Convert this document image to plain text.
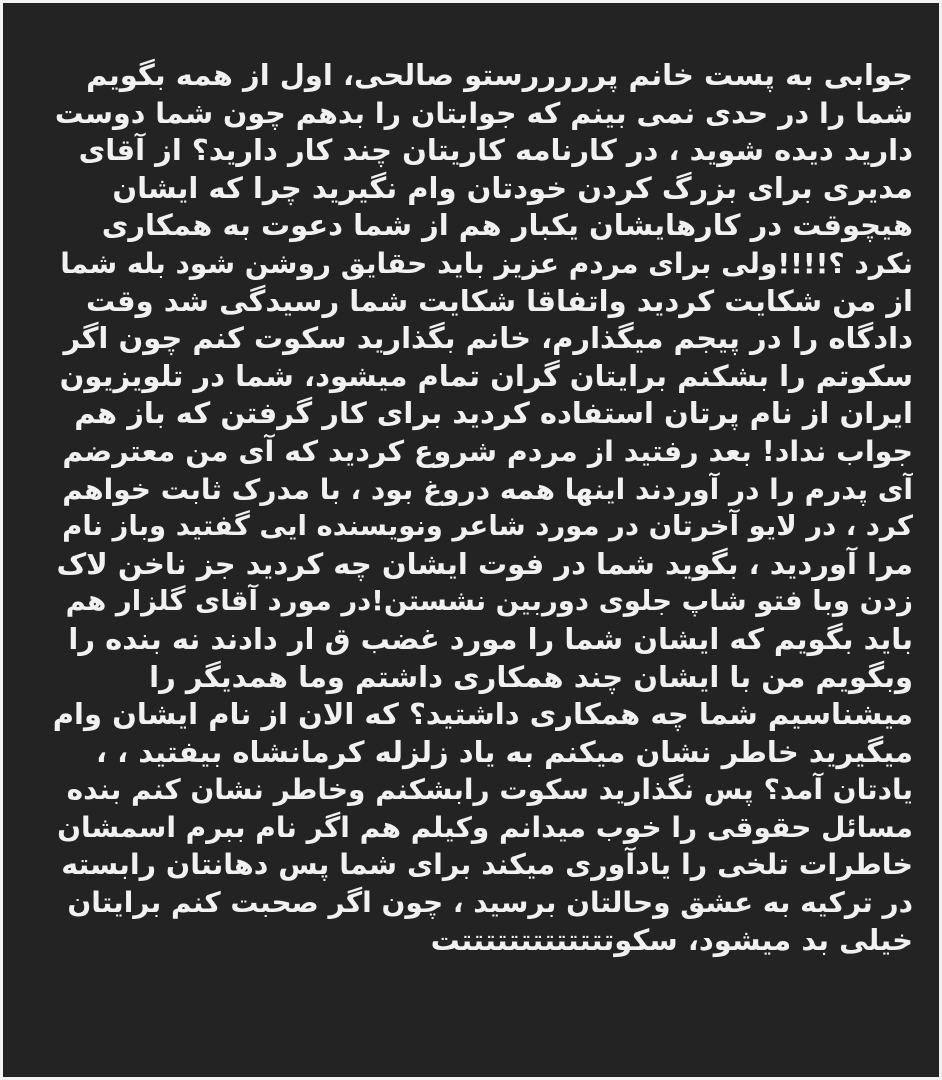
جوابی به پست خانم پرررررستو صالحی، اول از همه بگویم
شما را در حدی نمی بینم که جوابتان را بدهم چون شما دوست
دارید دیده شوید ، در کارنامه کاریتان چند کار دارید؟ از آقای
مدیری برای بزرگ کردن خودتان وام نگیرید چرا که ایشان
هیچوقت در کارهایشان یکبار هم از شما دعوت به همکاری
نکرد ؟!!!!ولی برای مردم عزیز باید حقایق روشن شود بله شما
از من شکایت کردید واتفاقا شکایت شما رسیدگی شد وقت
دادگاه را در پیجم میگذارم، خانم بگذارید سکوت کنم چون اگر
سکوتم را بشکنم برایتان گران تمام میشود، شما در تلویزیون
ایران از نام پرتان استفاده کردید برای کار گرفتن که باز هم
جواب نداد! بعد رفتید از مردم شروع کردید که آی من معترضم
آی پدرم را در آوردند اینها همه دروغ بود ، با مدرک ثابت خواهم
کرد ، در لایو آخرتان در مورد شاعر ونویسنده ایی گفتید وباز نام
مرا آوردید ، بگوید شما در فوت ایشان چه کردید جز ناخن لاک
زدن وبا فتو شاپ جلوی دوربین نشستن!در مورد آقای گلزار هم
باید بگویم که ایشان شما را مورد غضب ق ار دادند نه بنده را
وبگویم من با ایشان چند همکاری داشتم وما همدیگر را
میشناسیم شما چه همکاری داشتید؟ که الان از نام ایشان وام
میگیرید خاطر نشان میکنم به یاد زلزله کرمانشاه بیفتید ، ،
یادتان آمد؟ پس نگذارید سکوت رابشکنم وخاطر نشان کنم بنده
مسائل حقوقی را خوب میدانم وکیلم هم اگر نام ببرم اسمشان
خاطرات تلخی را یادآوری میکند برای شما پس دهانتان رابسته
در ترکیه به عشق وحالتان برسید ، چون اگر صحبت کنم برایتان
خیلی بد میشود، سکوتتتتتتتتتتتتتت
